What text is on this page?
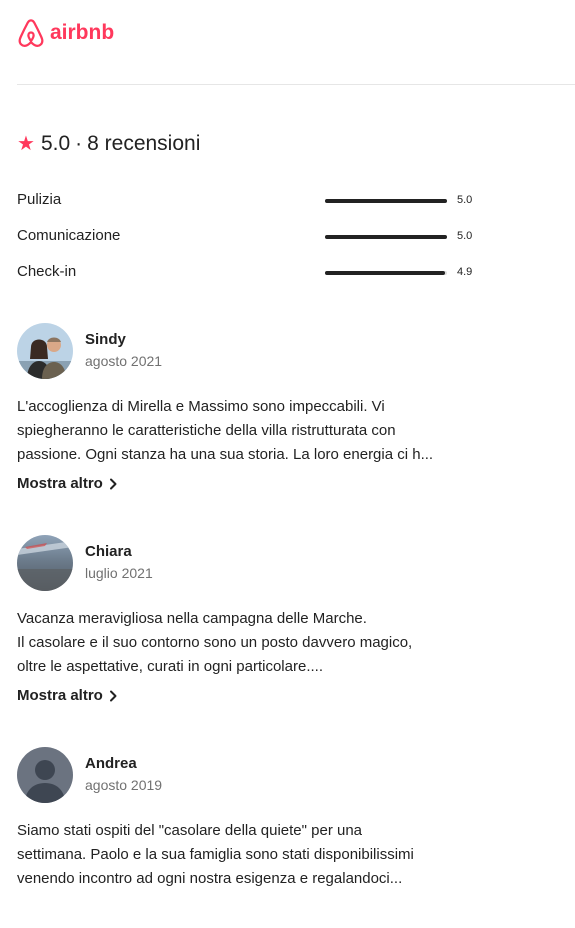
airbnb
★ 5.0 · 8 recensioni
Pulizia	5.0
Comunicazione	5.0
Check-in	4.9
Sindy
agosto 2021
L'accoglienza di Mirella e Massimo sono impeccabili. Vi
spiegheranno le caratteristiche della villa ristrutturata con
passione. Ogni stanza ha una sua storia. La loro energia ci h...
Mostra altro
Chiara
luglio 2021
Vacanza meravigliosa nella campagna delle Marche.
Il casolare e il suo contorno sono un posto davvero magico,
oltre le aspettative, curati in ogni particolare....
Mostra altro
Andrea
agosto 2019
Siamo stati ospiti del "casolare della quiete" per una
settimana. Paolo e la sua famiglia sono stati disponibilissimi
venendo incontro ad ogni nostra esigenza e regalandoci...
